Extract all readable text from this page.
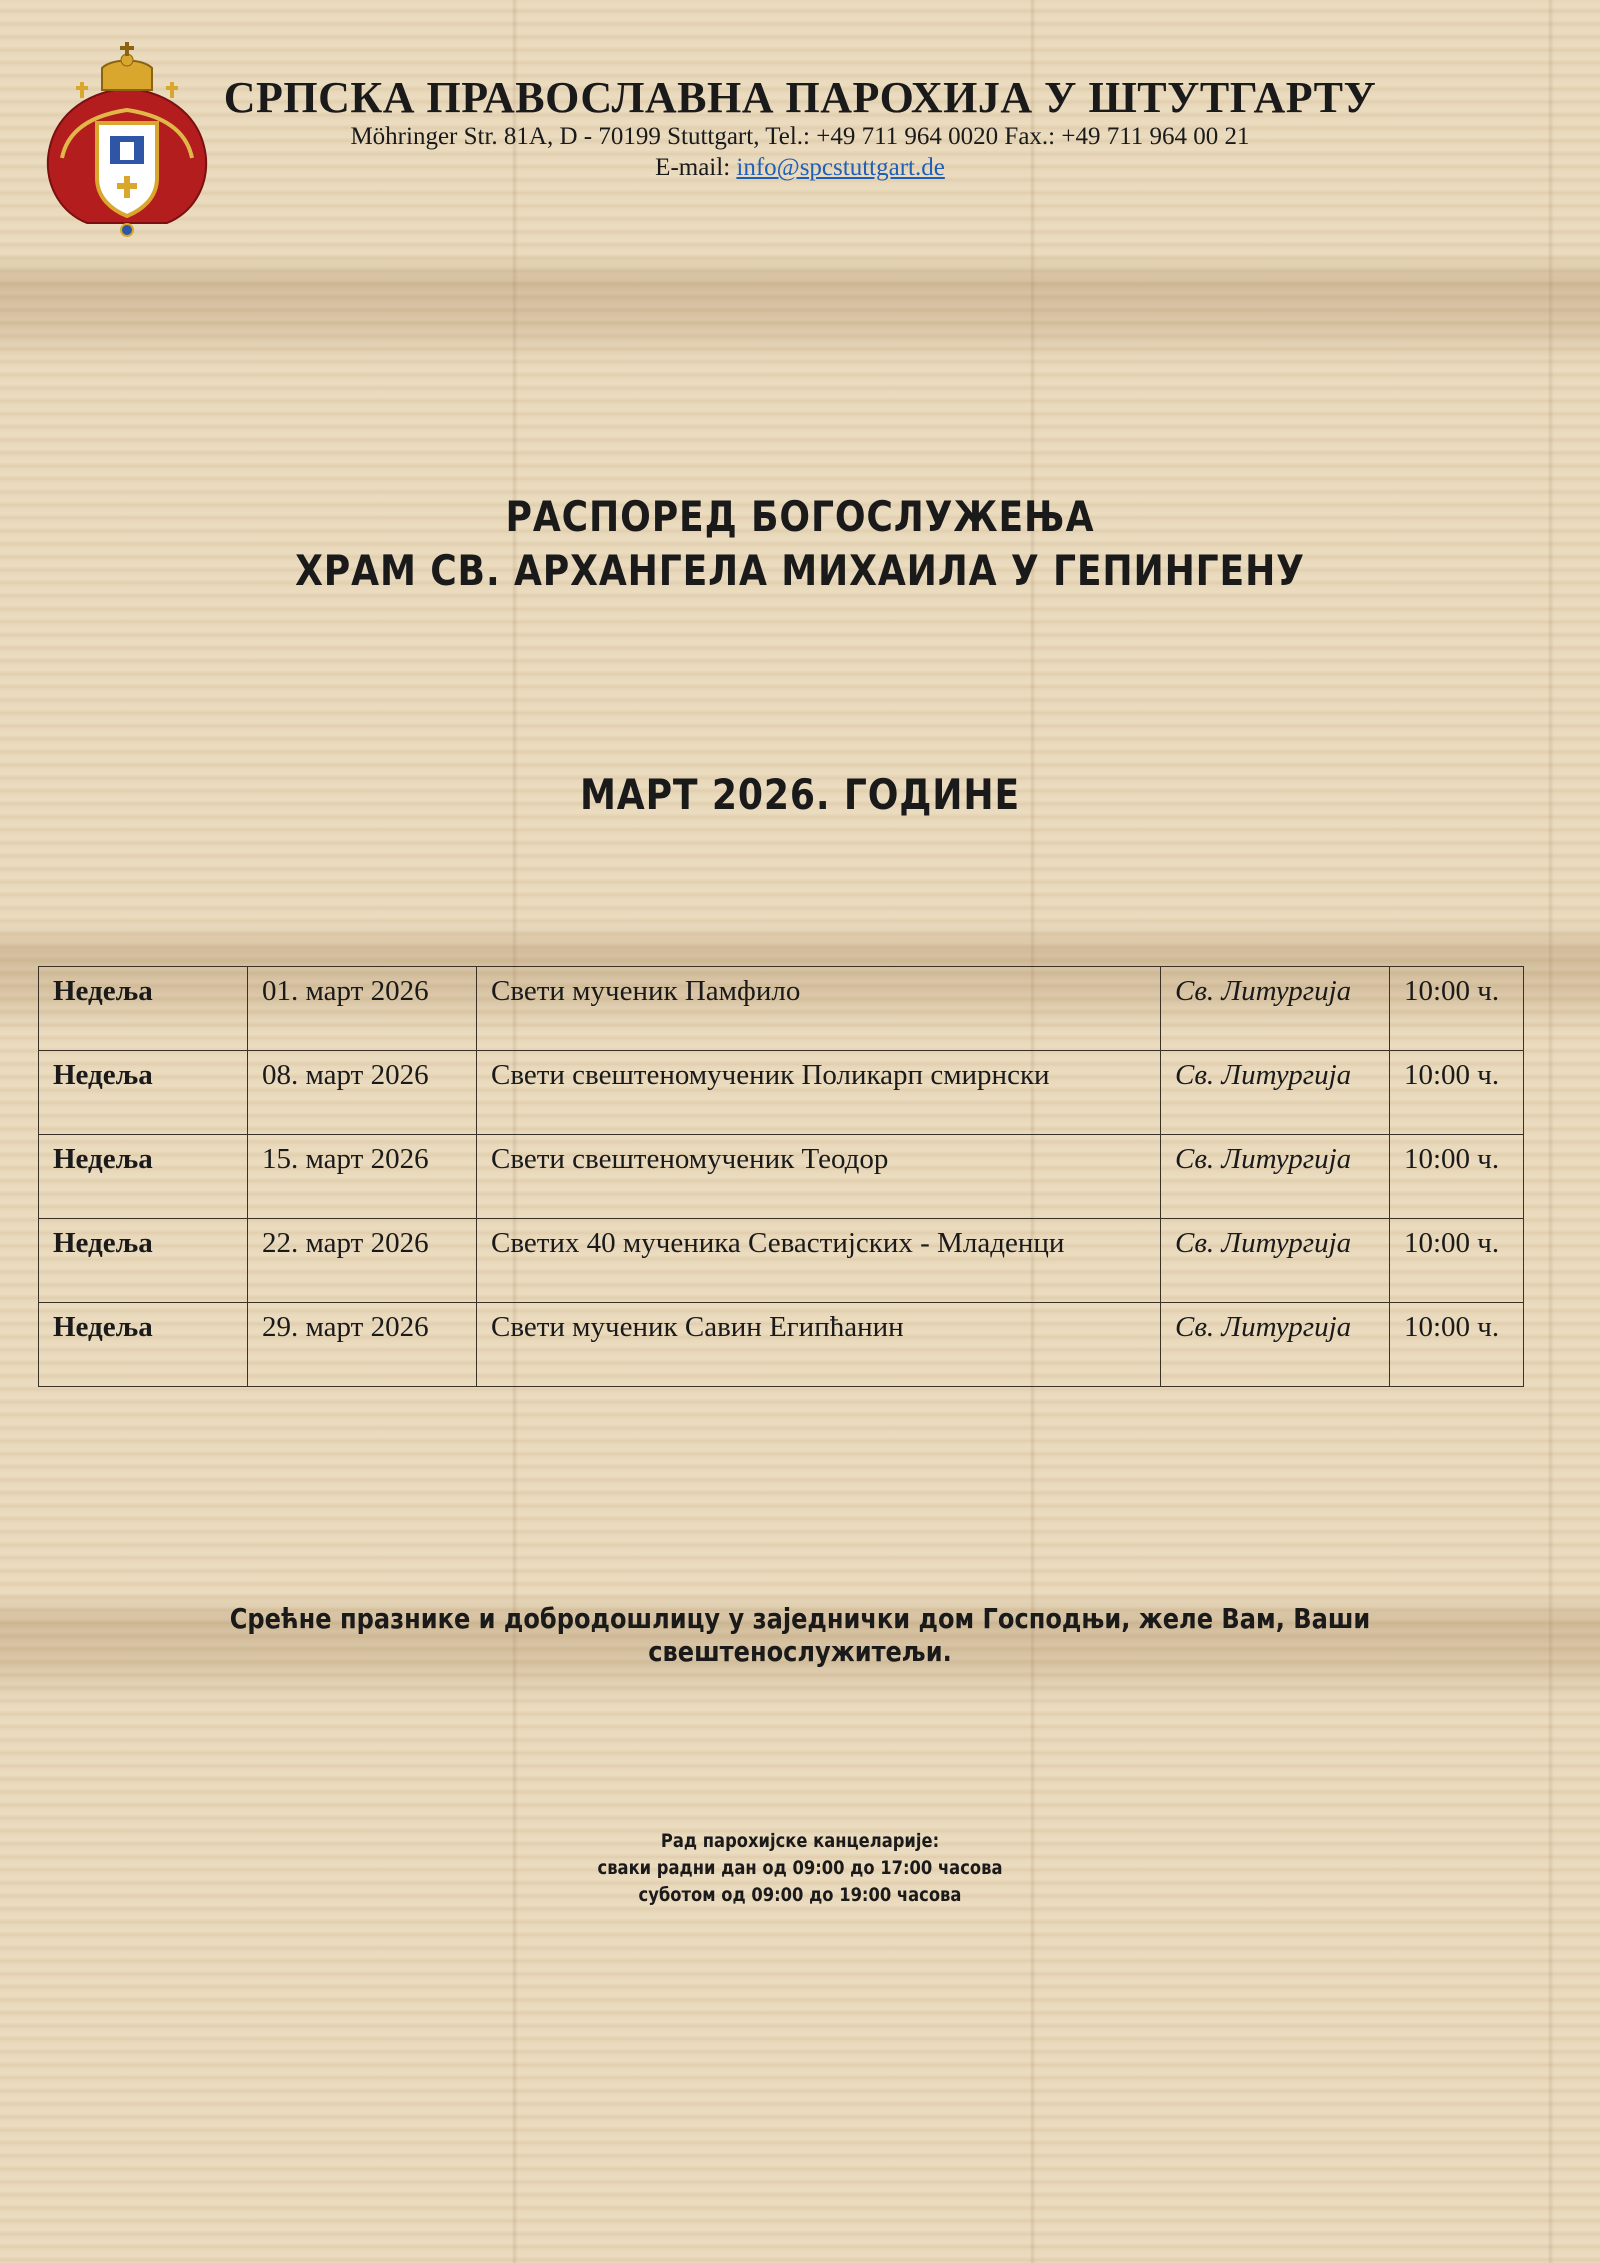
СРПСКА ПРАВОСЛАВНА ПАРОХИЈА У ШТУТГАРТУ
Möhringer Str. 81A, D - 70199 Stuttgart, Tel.: +49 711 964 0020 Fax.: +49 711 964 00 21
E-mail: info@spcstuttgart.de
РАСПОРЕД БОГОСЛУЖЕЊА
ХРАМ СВ. АРХАНГЕЛА МИХАИЛА У ГЕПИНГЕНУ
МАРТ 2026. ГОДИНЕ
Недеља	01. март 2026	Свети мученик Памфило	Св. Литургија	10:00 ч.
Недеља	08. март 2026	Свети свештеномученик Поликарп смирнски	Св. Литургија	10:00 ч.
Недеља	15. март 2026	Свети свештеномученик Теодор	Св. Литургија	10:00 ч.
Недеља	22. март 2026	Светих 40 мученика Севастијских - Младенци	Св. Литургија	10:00 ч.
Недеља	29. март 2026	Свети мученик Савин Египћанин	Св. Литургија	10:00 ч.
Срећне празнике и добродошлицу у заједнички дом Господњи, желе Вам, Ваши свештенослужитељи.
Рад парохијске канцеларије:
сваки радни дан од 09:00 до 17:00 часова
суботом од 09:00 до 19:00 часова
